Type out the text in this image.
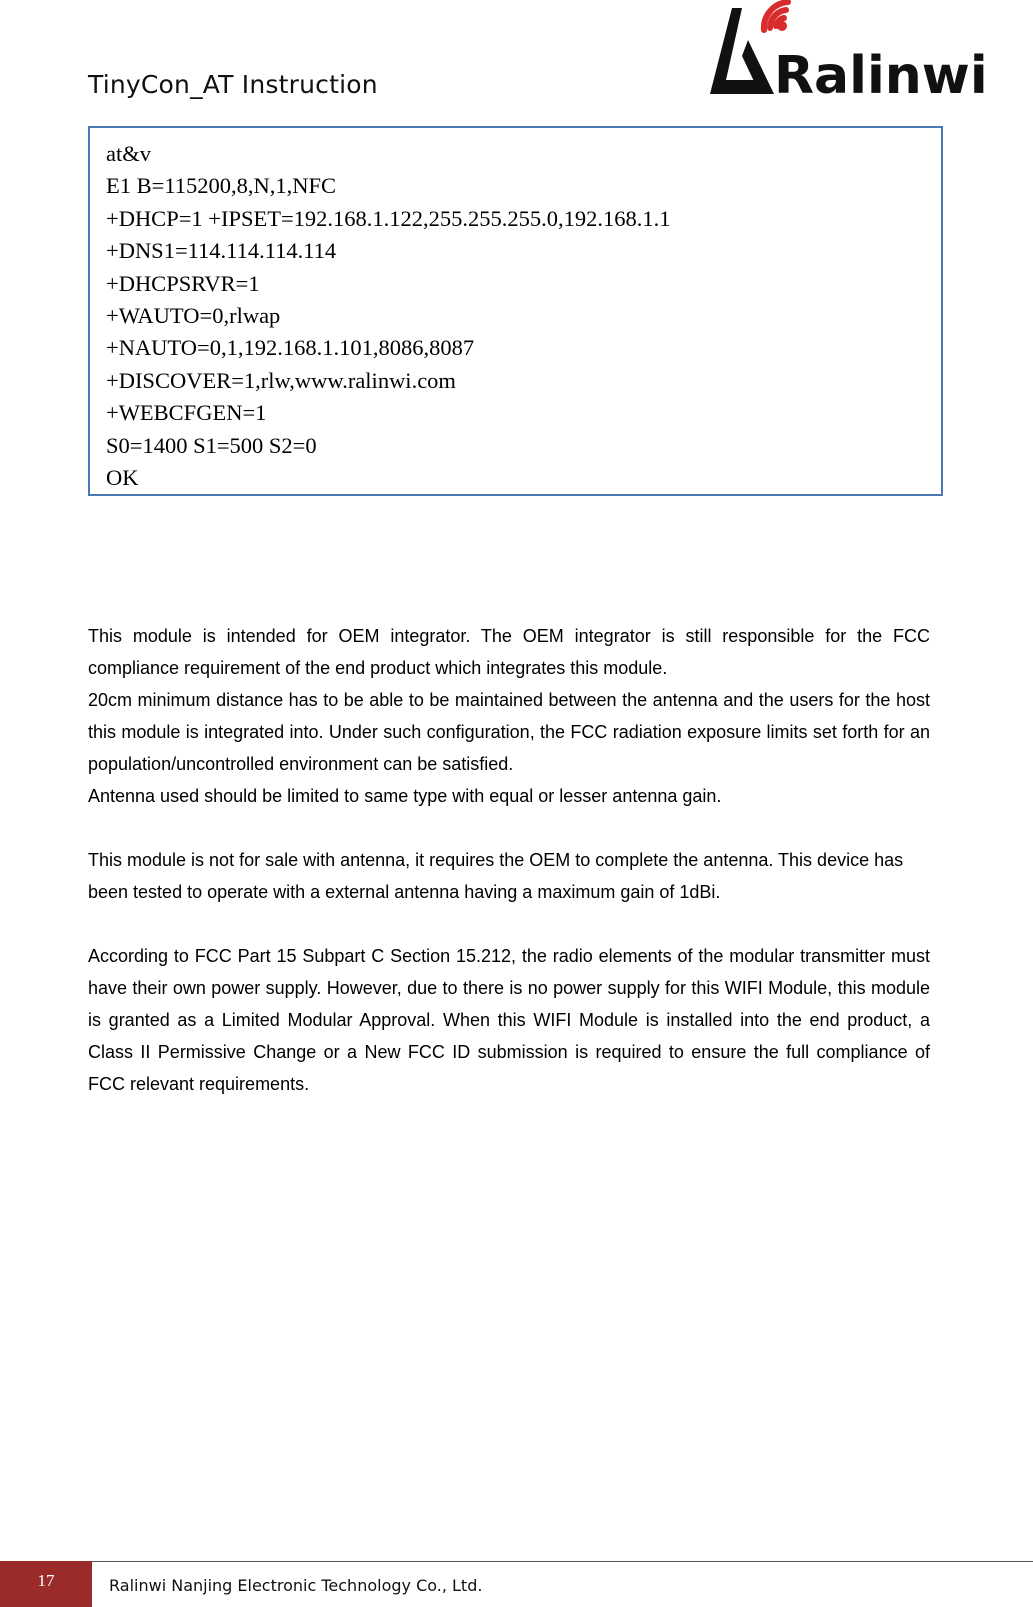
TinyCon_AT Instruction	Ralinwi
at&v
E1 B=115200,8,N,1,NFC
+DHCP=1 +IPSET=192.168.1.122,255.255.255.0,192.168.1.1
+DNS1=114.114.114.114
+DHCPSRVR=1
+WAUTO=0,rlwap
+NAUTO=0,1,192.168.1.101,8086,8087
+DISCOVER=1,rlw,www.ralinwi.com
+WEBCFGEN=1
S0=1400 S1=500 S2=0
OK

This module is intended for OEM integrator. The OEM integrator is still responsible for the FCC compliance requirement of the end product which integrates this module.

20cm minimum distance has to be able to be maintained between the antenna and the users for the host this module is integrated into. Under such configuration, the FCC radiation exposure limits set forth for an population/uncontrolled environment can be satisfied.

Antenna used should be limited to same type with equal or lesser antenna gain.

This module is not for sale with antenna, it requires the OEM to complete the antenna. This device has

been tested to operate with a external antenna having a maximum gain of 1dBi.

According to FCC Part 15 Subpart C Section 15.212, the radio elements of the modular transmitter must have their own power supply. However, due to there is no power supply for this WIFI Module, this module is granted as a Limited Modular Approval. When this WIFI Module is installed into the end product, a Class II Permissive Change or a New FCC ID submission is required to ensure the full compliance of FCC relevant requirements.

17	Ralinwi Nanjing Electronic Technology Co., Ltd.
